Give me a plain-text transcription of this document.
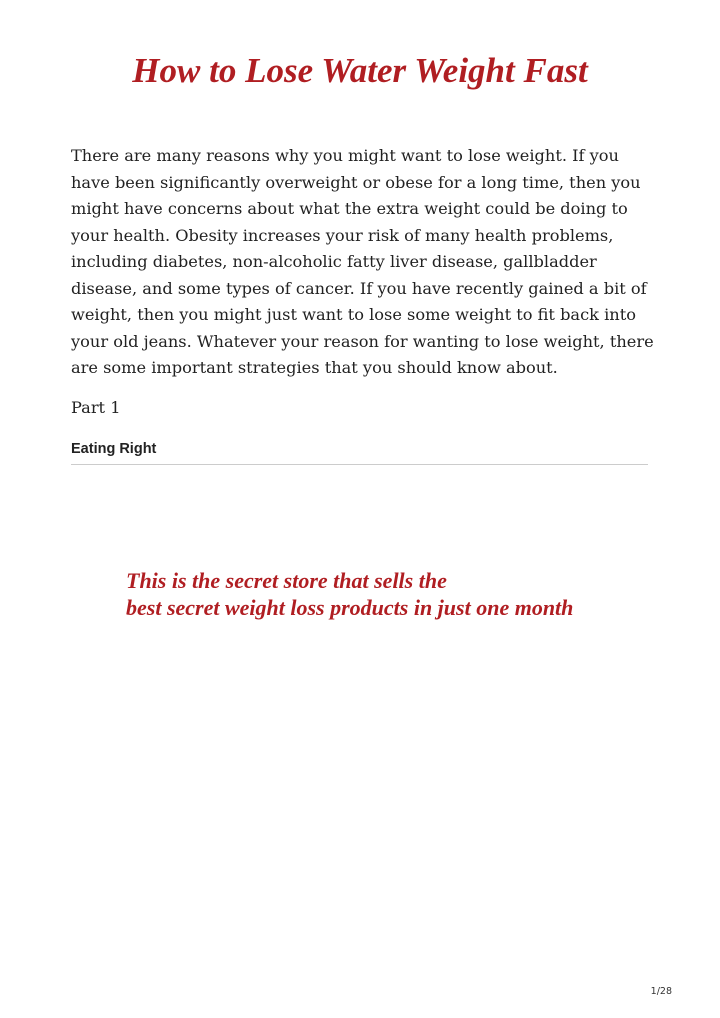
How to Lose Water Weight Fast

There are many reasons why you might want to lose weight. If you have been significantly overweight or obese for a long time, then you might have concerns about what the extra weight could be doing to your health. Obesity increases your risk of many health problems, including diabetes, non-alcoholic fatty liver disease, gallbladder disease, and some types of cancer. If you have recently gained a bit of weight, then you might just want to lose some weight to fit back into your old jeans. Whatever your reason for wanting to lose weight, there are some important strategies that you should know about.

Part 1

Eating Right

This is the secret store that sells the
best secret weight loss products in just one month

1/28
